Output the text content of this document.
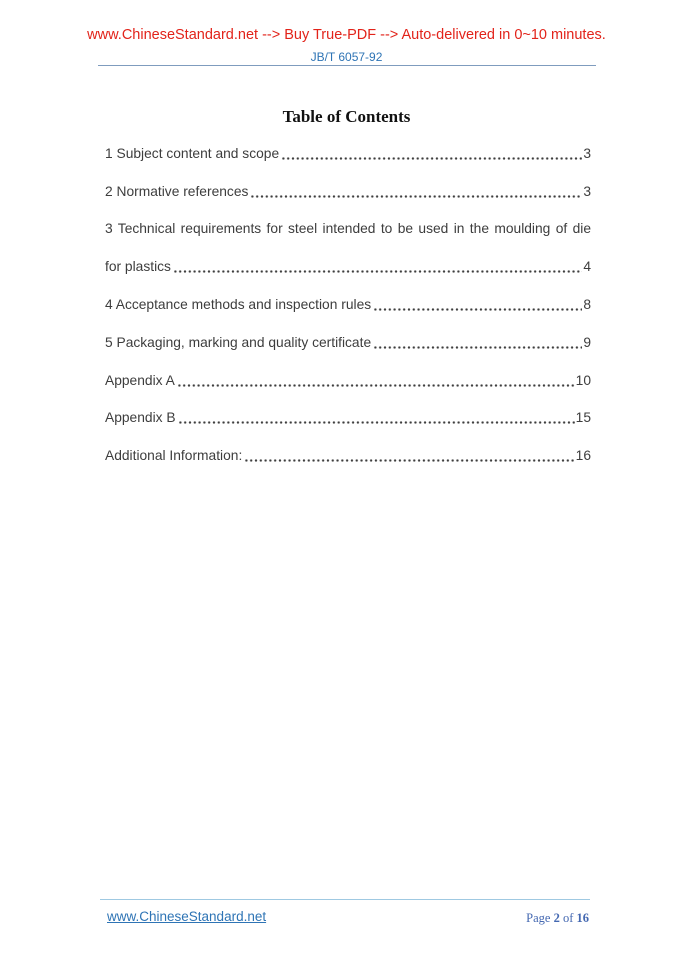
www.ChineseStandard.net --> Buy True-PDF --> Auto-delivered in 0~10 minutes.
JB/T 6057-92
Table of Contents
1 Subject content and scope	3
2 Normative references	3
3 Technical requirements for steel intended to be used in the moulding of die
for plastics	4
4 Acceptance methods and inspection rules	8
5 Packaging, marking and quality certificate	9
Appendix A	10
Appendix B	15
Additional Information:	16
www.ChineseStandard.net	Page 2 of 16
